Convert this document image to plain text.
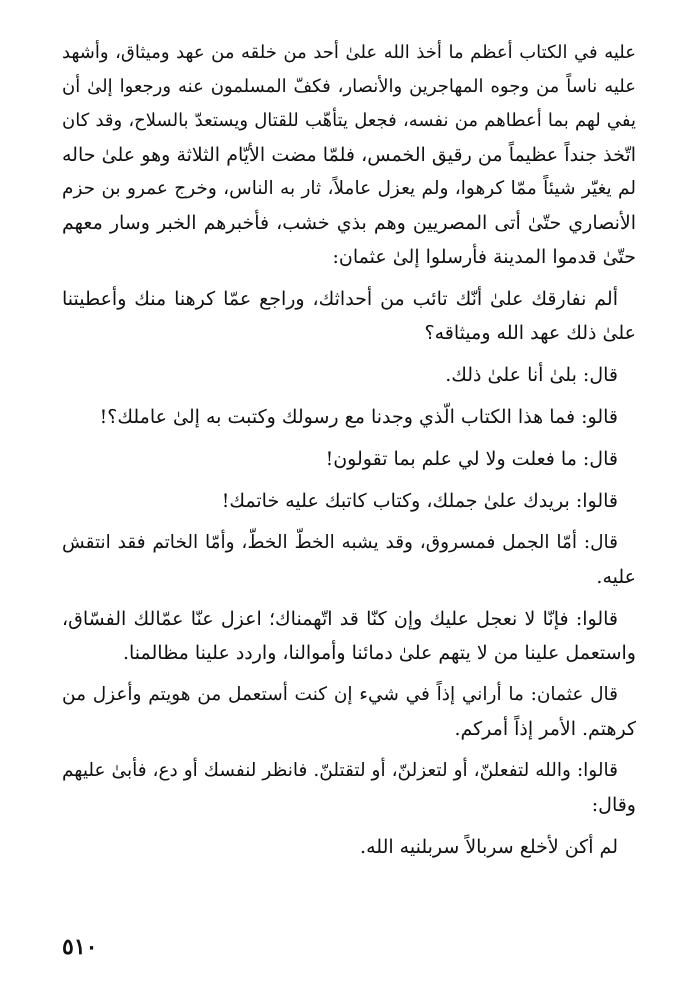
عليه في الكتاب أعظم ما أخذ الله علىٰ أحد من خلقه من عهد وميثاق، وأشهد
عليه ناساً من وجوه المهاجرين والأنصار، فكفّ المسلمون عنه ورجعوا إلىٰ أن
يفي لهم بما أعطاهم من نفسه، فجعل يتأهّب للقتال ويستعدّ بالسلاح، وقد كان
اتّخذ جنداً عظيماً من رقيق الخمس، فلمّا مضت الأيّام الثلاثة وهو علىٰ حاله
لم يغيّر شيئاً ممّا كرهوا، ولم يعزل عاملاً، ثار به الناس، وخرج عمرو بن حزم
الأنصاري حتّىٰ أتى المصريين وهم بذي خشب، فأخبرهم الخبر وسار معهم
حتّىٰ قدموا المدينة فأرسلوا إلىٰ عثمان:
ألم نفارقك علىٰ أنّك تائب من أحداثك، وراجع عمّا كرهنا منك وأعطيتنا
علىٰ ذلك عهد الله وميثاقه؟
قال: بلىٰ أنا علىٰ ذلك.
قالو: فما هذا الكتاب الّذي وجدنا مع رسولك وكتبت به إلىٰ عاملك؟!
قال: ما فعلت ولا لي علم بما تقولون!
قالوا: بريدك علىٰ جملك، وكتاب كاتبك عليه خاتمك!
قال: أمّا الجمل فمسروق، وقد يشبه الخطّ الخطّ، وأمّا الخاتم فقد انتقش
عليه.
قالوا: فإنّا لا نعجل عليك وإن كنّا قد اتّهمناك؛ اعزل عنّا عمّالك الفسّاق،
واستعمل علينا من لا يتهم علىٰ دمائنا وأموالنا، واردد علينا مظالمنا.
قال عثمان: ما أراني إذاً في شيء إن كنت أستعمل من هويتم وأعزل من
كرهتم. الأمر إذاً أمركم.
قالوا: والله لتفعلنّ، أو لتعزلنّ، أو لتقتلنّ. فانظر لنفسك أو دع، فأبىٰ عليهم
وقال:
لم أكن لأخلع سربالاً سربلنيه الله.
٥١٠
